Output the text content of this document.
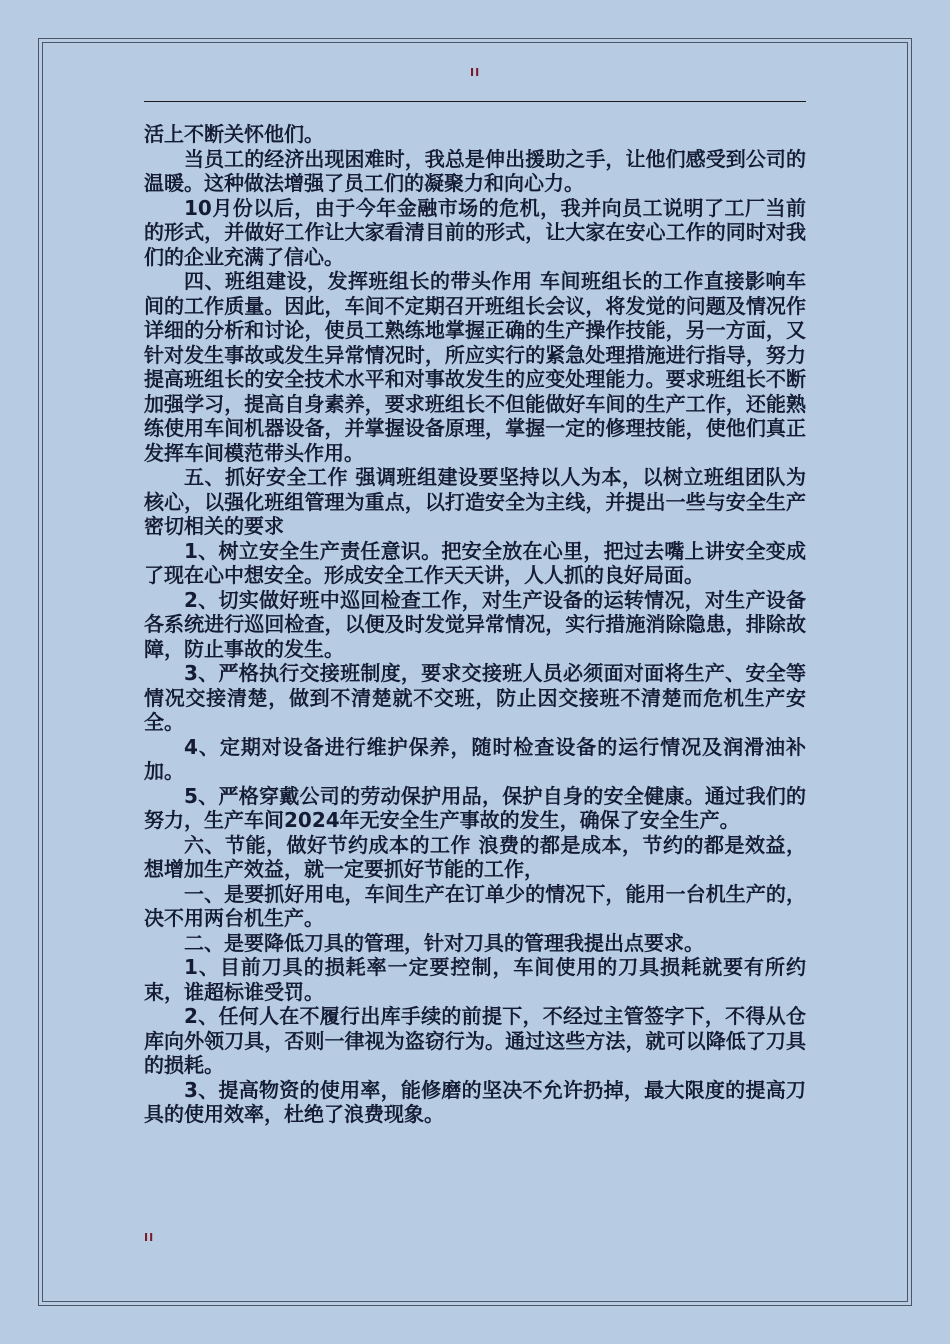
II

活上不断关怀他们。

当员工的经济出现困难时，我总是伸出援助之手，让他们感受到公司的温暖。这种做法增强了员工们的凝聚力和向心力。

10月份以后，由于今年金融市场的危机，我并向员工说明了工厂当前的形式，并做好工作让大家看清目前的形式，让大家在安心工作的同时对我们的企业充满了信心。

四、班组建设，发挥班组长的带头作用 车间班组长的工作直接影响车间的工作质量。因此，车间不定期召开班组长会议，将发觉的问题及情况作详细的分析和讨论，使员工熟练地掌握正确的生产操作技能，另一方面，又针对发生事故或发生异常情况时，所应实行的紧急处理措施进行指导，努力提高班组长的安全技术水平和对事故发生的应变处理能力。要求班组长不断加强学习，提高自身素养，要求班组长不但能做好车间的生产工作，还能熟练使用车间机器设备，并掌握设备原理，掌握一定的修理技能，使他们真正发挥车间模范带头作用。

五、抓好安全工作 强调班组建设要坚持以人为本，以树立班组团队为核心，以强化班组管理为重点，以打造安全为主线，并提出一些与安全生产密切相关的要求

1、树立安全生产责任意识。把安全放在心里，把过去嘴上讲安全变成了现在心中想安全。形成安全工作天天讲，人人抓的良好局面。

2、切实做好班中巡回检查工作，对生产设备的运转情况，对生产设备各系统进行巡回检查，以便及时发觉异常情况，实行措施消除隐患，排除故障，防止事故的发生。

3、严格执行交接班制度，要求交接班人员必须面对面将生产、安全等情况交接清楚，做到不清楚就不交班，防止因交接班不清楚而危机生产安全。

4、定期对设备进行维护保养，随时检查设备的运行情况及润滑油补加。

5、严格穿戴公司的劳动保护用品，保护自身的安全健康。通过我们的努力，生产车间2024年无安全生产事故的发生，确保了安全生产。

六、节能，做好节约成本的工作 浪费的都是成本，节约的都是效益，想增加生产效益，就一定要抓好节能的工作，

一、是要抓好用电，车间生产在订单少的情况下，能用一台机生产的，决不用两台机生产。

二、是要降低刀具的管理，针对刀具的管理我提出点要求。

1、目前刀具的损耗率一定要控制，车间使用的刀具损耗就要有所约束，谁超标谁受罚。

2、任何人在不履行出库手续的前提下，不经过主管签字下，不得从仓库向外领刀具，否则一律视为盗窃行为。通过这些方法，就可以降低了刀具的损耗。

3、提高物资的使用率，能修磨的坚决不允许扔掉，最大限度的提高刀具的使用效率，杜绝了浪费现象。

II
